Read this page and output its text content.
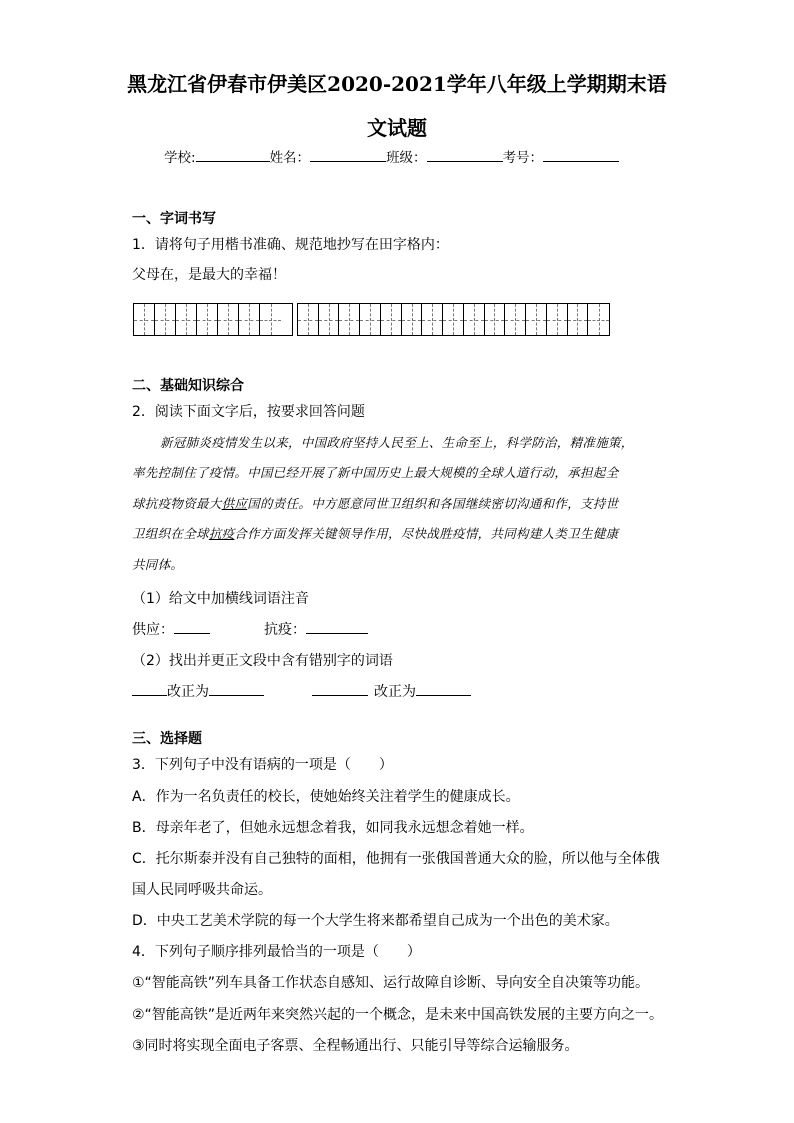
黑龙江省伊春市伊美区2020-2021学年八年级上学期期末语
文试题
学校:	姓名：	班级：	考号：
一、字词书写
1．请将句子用楷书准确、规范地抄写在田字格内：
父母在，是最大的幸福！
二、基础知识综合
2．阅读下面文字后，按要求回答问题
新冠肺炎疫情发生以来，中国政府坚持人民至上、生命至上，科学防治，精准施策，
率先控制住了疫情。中国已经开展了新中国历史上最大规模的全球人道行动，承担起全
球抗疫物资最大供应国的责任。中方愿意同世卫组织和各国继续密切沟通和作，支持世
卫组织在全球抗疫合作方面发挥关键领导作用，尽快战胜疫情，共同构建人类卫生健康
共同体。
（1）给文中加横线词语注音
供应：	抗疫：
（2）找出并更正文段中含有错别字的词语
改正为	改正为
三、选择题
3．下列句子中没有语病的一项是（　　）
A．作为一名负责任的校长，使她始终关注着学生的健康成长。
B．母亲年老了，但她永远想念着我，如同我永远想念着她一样。
C．托尔斯泰并没有自己独特的面相，他拥有一张俄国普通大众的脸，所以他与全体俄
国人民同呼吸共命运。
D．中央工艺美术学院的每一个大学生将来都希望自己成为一个出色的美术家。
4．下列句子顺序排列最恰当的一项是（　　）
①“智能高铁”列车具备工作状态自感知、运行故障自诊断、导向安全自决策等功能。
②“智能高铁”是近两年来突然兴起的一个概念，是未来中国高铁发展的主要方向之一。
③同时将实现全面电子客票、全程畅通出行、只能引导等综合运输服务。
